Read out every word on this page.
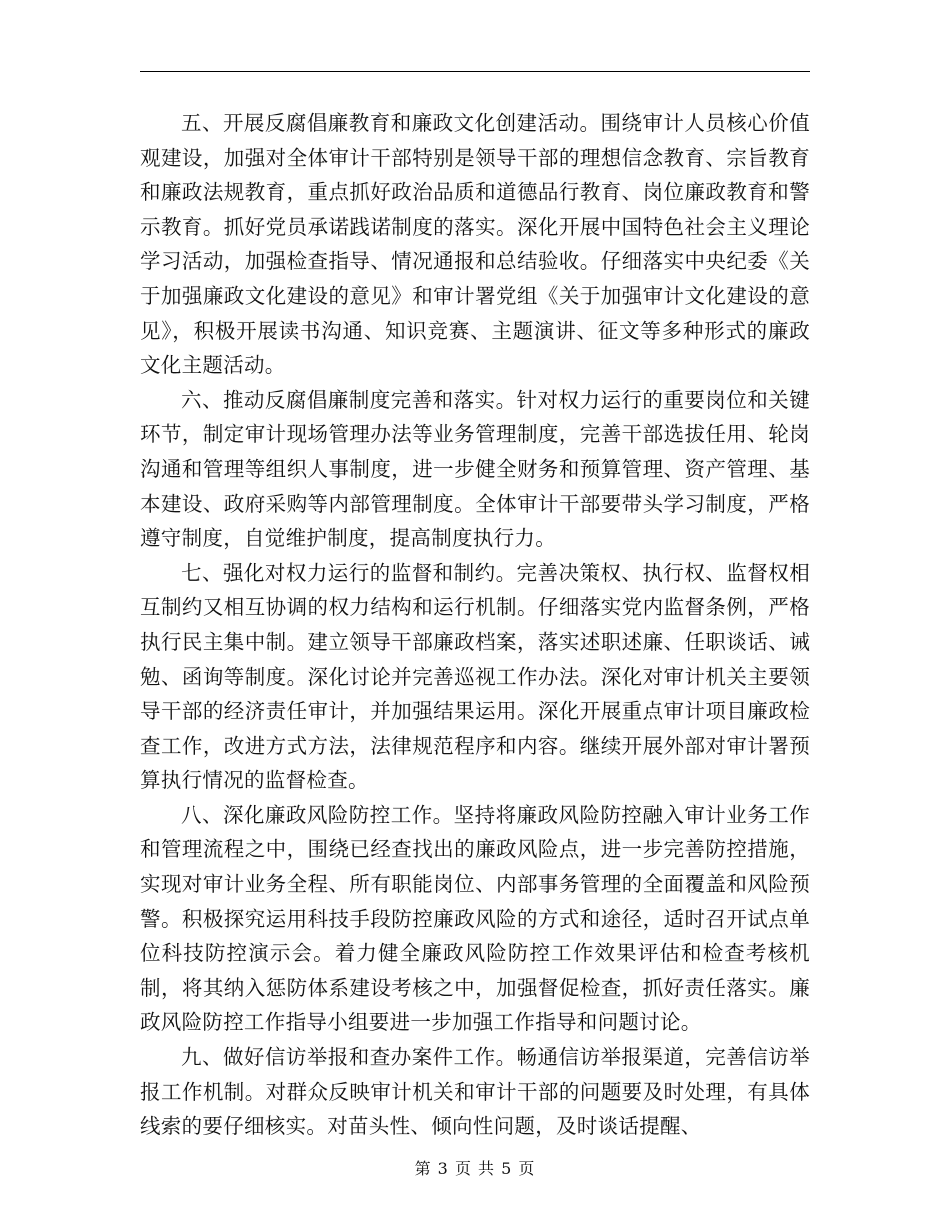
五、开展反腐倡廉教育和廉政文化创建活动。围绕审计人员核心价值观建设，加强对全体审计干部特别是领导干部的理想信念教育、宗旨教育和廉政法规教育，重点抓好政治品质和道德品行教育、岗位廉政教育和警示教育。抓好党员承诺践诺制度的落实。深化开展中国特色社会主义理论学习活动，加强检查指导、情况通报和总结验收。仔细落实中央纪委《关于加强廉政文化建设的意见》和审计署党组《关于加强审计文化建设的意见》，积极开展读书沟通、知识竞赛、主题演讲、征文等多种形式的廉政文化主题活动。

六、推动反腐倡廉制度完善和落实。针对权力运行的重要岗位和关键环节，制定审计现场管理办法等业务管理制度，完善干部选拔任用、轮岗沟通和管理等组织人事制度，进一步健全财务和预算管理、资产管理、基本建设、政府采购等内部管理制度。全体审计干部要带头学习制度，严格遵守制度，自觉维护制度，提高制度执行力。

七、强化对权力运行的监督和制约。完善决策权、执行权、监督权相互制约又相互协调的权力结构和运行机制。仔细落实党内监督条例，严格执行民主集中制。建立领导干部廉政档案，落实述职述廉、任职谈话、诫勉、函询等制度。深化讨论并完善巡视工作办法。深化对审计机关主要领导干部的经济责任审计，并加强结果运用。深化开展重点审计项目廉政检查工作，改进方式方法，法律规范程序和内容。继续开展外部对审计署预算执行情况的监督检查。

八、深化廉政风险防控工作。坚持将廉政风险防控融入审计业务工作和管理流程之中，围绕已经查找出的廉政风险点，进一步完善防控措施，实现对审计业务全程、所有职能岗位、内部事务管理的全面覆盖和风险预警。积极探究运用科技手段防控廉政风险的方式和途径，适时召开试点单位科技防控演示会。着力健全廉政风险防控工作效果评估和检查考核机制，将其纳入惩防体系建设考核之中，加强督促检查，抓好责任落实。廉政风险防控工作指导小组要进一步加强工作指导和问题讨论。

九、做好信访举报和查办案件工作。畅通信访举报渠道，完善信访举报工作机制。对群众反映审计机关和审计干部的问题要及时处理，有具体线索的要仔细核实。对苗头性、倾向性问题，及时谈话提醒、

第 3 页 共 5 页
